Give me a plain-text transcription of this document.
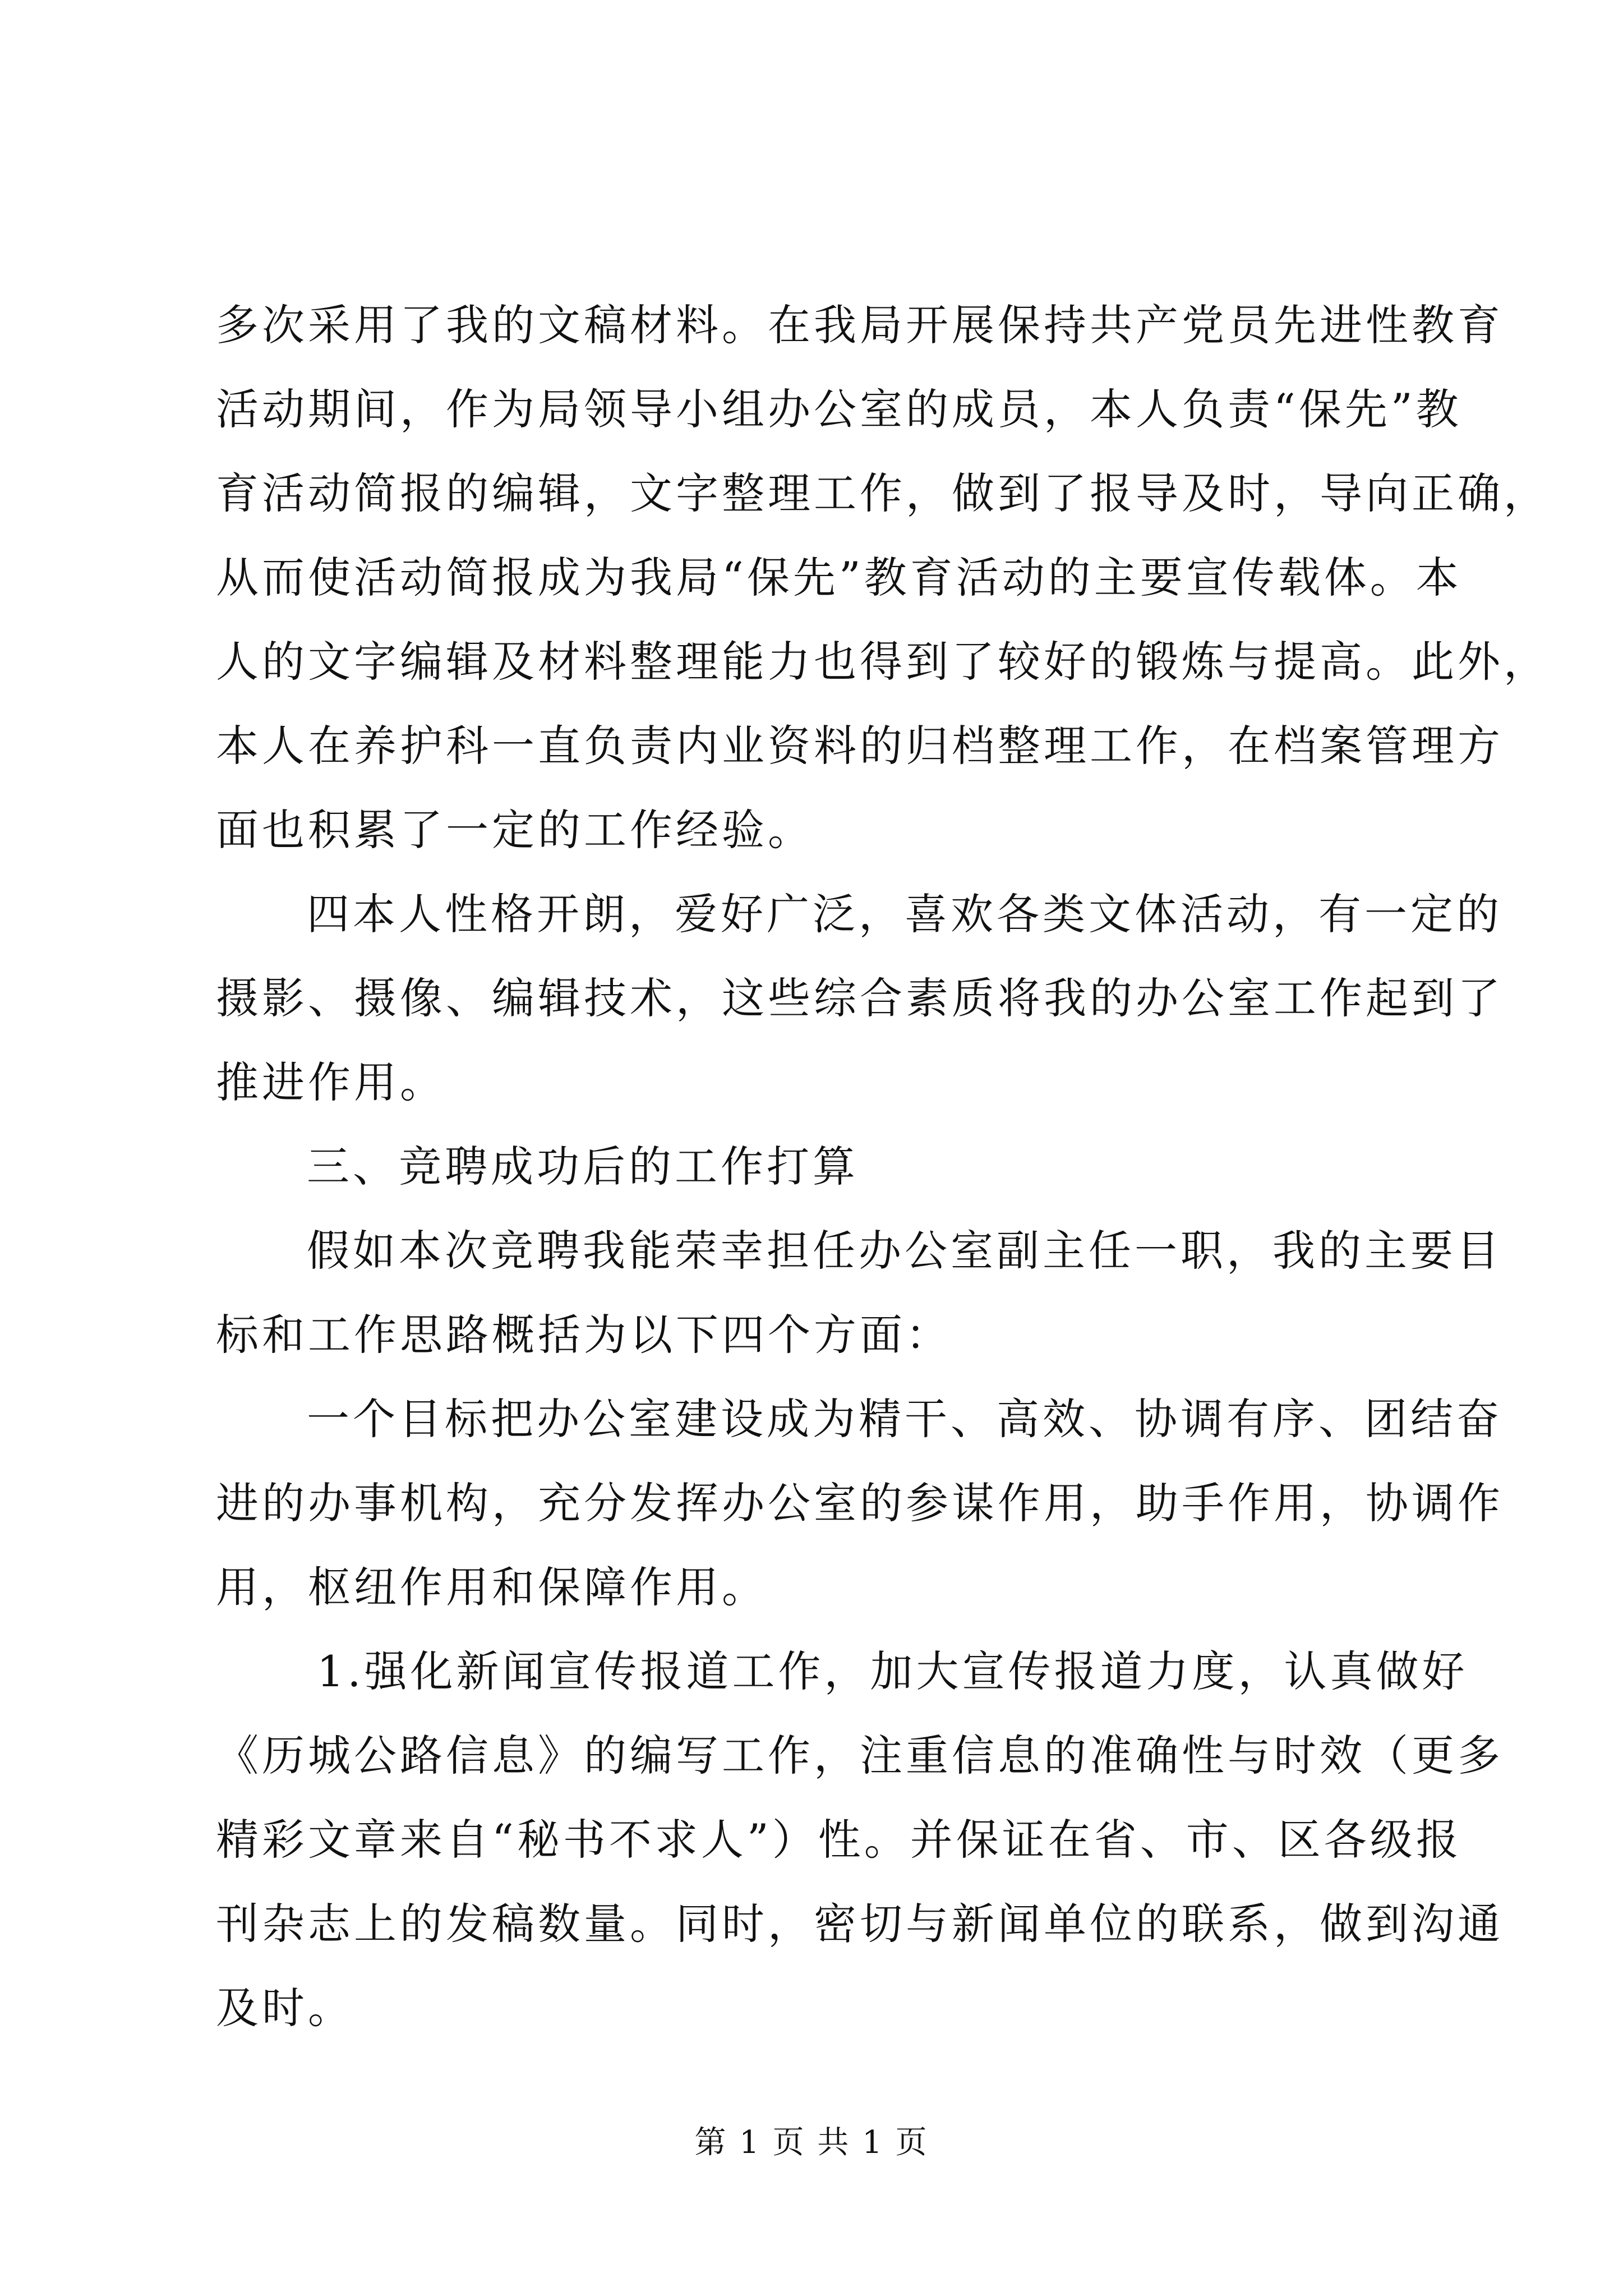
多次采用了我的文稿材料。在我局开展保持共产党员先进性教育
活动期间，作为局领导小组办公室的成员，本人负责“保先”教
育活动简报的编辑，文字整理工作，做到了报导及时，导向正确，
从而使活动简报成为我局“保先”教育活动的主要宣传载体。本
人的文字编辑及材料整理能力也得到了较好的锻炼与提高。此外，
本人在养护科一直负责内业资料的归档整理工作，在档案管理方
面也积累了一定的工作经验。
四本人性格开朗，爱好广泛，喜欢各类文体活动，有一定的
摄影、摄像、编辑技术，这些综合素质将我的办公室工作起到了
推进作用。
三、竞聘成功后的工作打算
假如本次竞聘我能荣幸担任办公室副主任一职，我的主要目
标和工作思路概括为以下四个方面：
一个目标把办公室建设成为精干、高效、协调有序、团结奋
进的办事机构，充分发挥办公室的参谋作用，助手作用，协调作
用，枢纽作用和保障作用。
1.强化新闻宣传报道工作，加大宣传报道力度，认真做好
《历城公路信息》的编写工作，注重信息的准确性与时效（更多
精彩文章来自“秘书不求人”）性。并保证在省、市、区各级报
刊杂志上的发稿数量。同时，密切与新闻单位的联系，做到沟通
及时。
第 1 页 共 1 页
